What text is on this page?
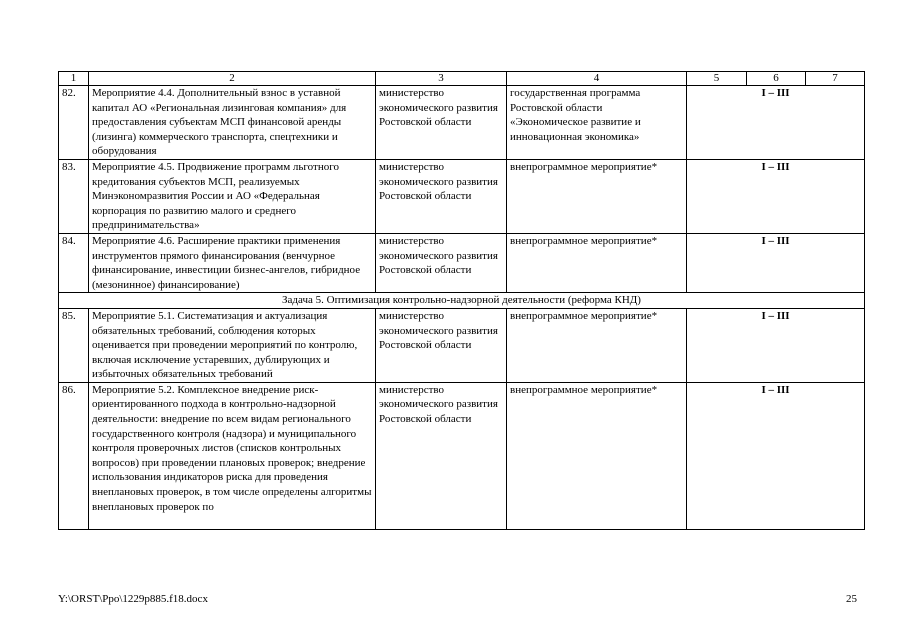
1	2	3	4	5	6	7
82.	Мероприятие 4.4. Дополнительный взнос в уставной капитал АО «Региональная лизинговая компания» для предоставления субъектам МСП финансовой аренды (лизинга) коммерческого транспорта, спецтехники и оборудования	министерство экономического развития Ростовской области	государственная программа Ростовской области «Экономическое развитие и инновационная экономика»	I – III		
83.	Мероприятие 4.5. Продвижение программ льготного кредитования субъектов МСП, реализуемых Минэкономразвития России и АО «Федеральная корпорация по развитию малого и среднего предпринимательства»	министерство экономического развития Ростовской области	внепрограммное мероприятие*	I – III		
84.	Мероприятие 4.6. Расширение практики применения инструментов прямого финансирования (венчурное финансирование, инвестиции бизнес-ангелов, гибридное (мезонинное) финансирование)	министерство экономического развития Ростовской области	внепрограммное мероприятие*	I – III		
Задача 5. Оптимизация контрольно-надзорной деятельности (реформа КНД)						
85.	Мероприятие 5.1. Систематизация и актуализация обязательных требований, соблюдения которых оценивается при проведении мероприятий по контролю, включая исключение устаревших, дублирующих и избыточных обязательных требований	министерство экономического развития Ростовской области	внепрограммное мероприятие*	I – III		
86.	Мероприятие 5.2. Комплексное внедрение риск-ориентированного подхода в контрольно-надзорной деятельности: внедрение по всем видам регионального государственного контроля (надзора) и муниципального контроля проверочных листов (списков контрольных вопросов) при проведении плановых проверок; внедрение использования индикаторов риска для проведения внеплановых проверок, в том числе определены алгоритмы внеплановых проверок по	министерство экономического развития Ростовской области	внепрограммное мероприятие*	I – III		
Y:\ORST\Ppo\1229p885.f18.docx	25
